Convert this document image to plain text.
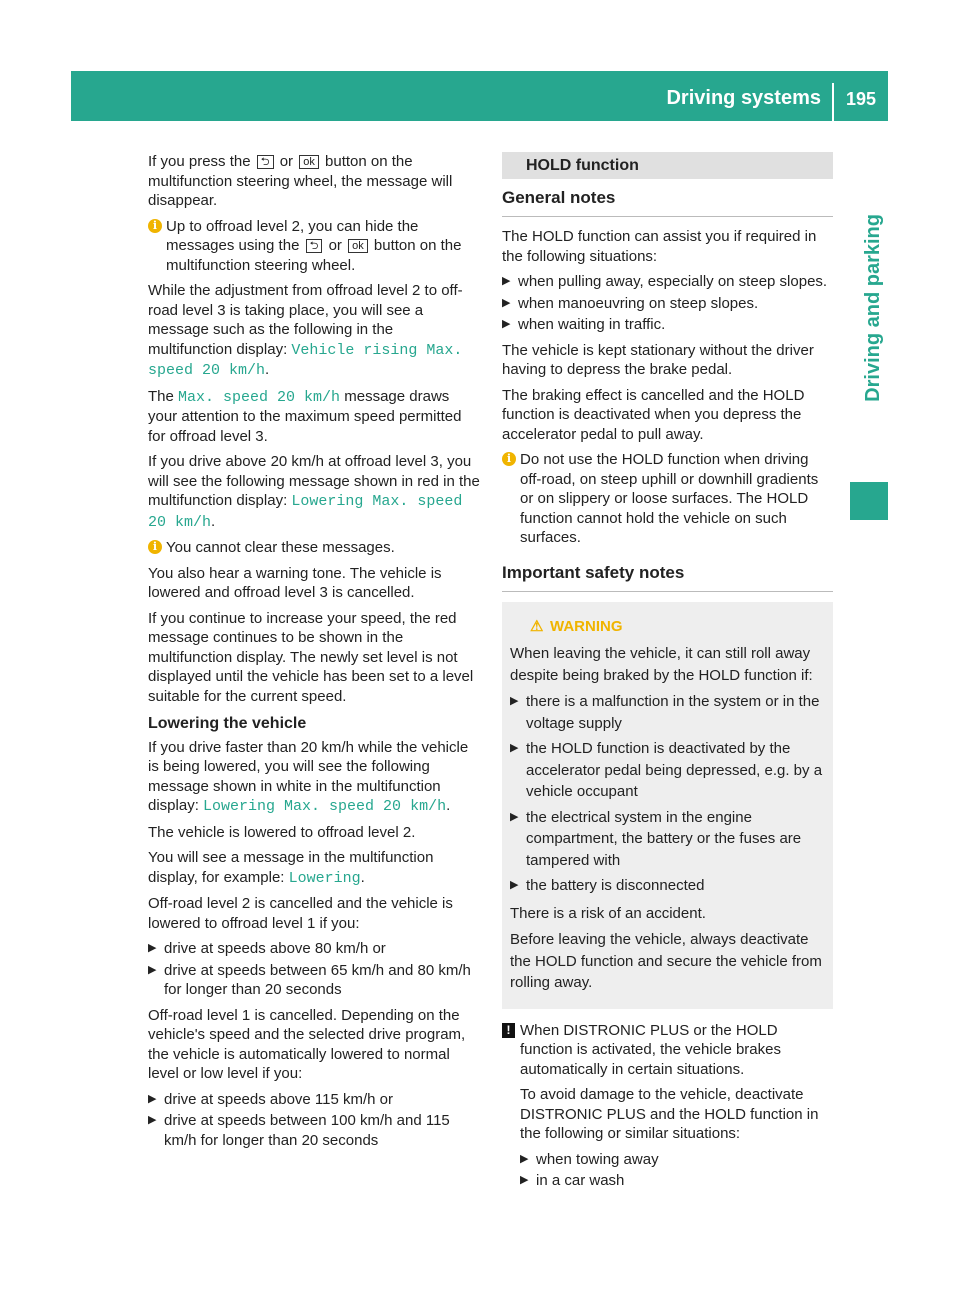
Driving systems 195
Driving and parking

If you press the ⮌ or ok button on the multifunction steering wheel, the message will disappear.

i Up to offroad level 2, you can hide the messages using the ⮌ or ok button on the multifunction steering wheel.

While the adjustment from offroad level 2 to off-road level 3 is taking place, you will see a message such as the following in the multifunction display: Vehicle rising Max. speed 20 km/h.

The Max. speed 20 km/h message draws your attention to the maximum speed permitted for offroad level 3.

If you drive above 20 km/h at offroad level 3, you will see the following message shown in red in the multifunction display: Lowering Max. speed 20 km/h.

i You cannot clear these messages.

You also hear a warning tone. The vehicle is lowered and offroad level 3 is cancelled.

If you continue to increase your speed, the red message continues to be shown in the multifunction display. The newly set level is not displayed until the vehicle has been set to a level suitable for the current speed.

Lowering the vehicle

If you drive faster than 20 km/h while the vehicle is being lowered, you will see the following message shown in white in the multifunction display: Lowering Max. speed 20 km/h.

The vehicle is lowered to offroad level 2.

You will see a message in the multifunction display, for example: Lowering.

Off-road level 2 is cancelled and the vehicle is lowered to offroad level 1 if you:

▶ drive at speeds above 80 km/h or
▶ drive at speeds between 65 km/h and 80 km/h for longer than 20 seconds

Off-road level 1 is cancelled. Depending on the vehicle's speed and the selected drive program, the vehicle is automatically lowered to normal level or low level if you:

▶ drive at speeds above 115 km/h or
▶ drive at speeds between 100 km/h and 115 km/h for longer than 20 seconds
HOLD function
General notes

The HOLD function can assist you if required in the following situations:

▶ when pulling away, especially on steep slopes.
▶ when manoeuvring on steep slopes.
▶ when waiting in traffic.

The vehicle is kept stationary without the driver having to depress the brake pedal.

The braking effect is cancelled and the HOLD function is deactivated when you depress the accelerator pedal to pull away.

i Do not use the HOLD function when driving off-road, on steep uphill or downhill gradients or on slippery or loose surfaces. The HOLD function cannot hold the vehicle on such surfaces.
Important safety notes
⚠ WARNING

When leaving the vehicle, it can still roll away despite being braked by the HOLD function if:

▶ there is a malfunction in the system or in the voltage supply
▶ the HOLD function is deactivated by the accelerator pedal being depressed, e.g. by a vehicle occupant
▶ the electrical system in the engine compartment, the battery or the fuses are tampered with
▶ the battery is disconnected

There is a risk of an accident.

Before leaving the vehicle, always deactivate the HOLD function and secure the vehicle from rolling away.

! When DISTRONIC PLUS or the HOLD function is activated, the vehicle brakes automatically in certain situations.

To avoid damage to the vehicle, deactivate DISTRONIC PLUS and the HOLD function in the following or similar situations:

▶ when towing away
▶ in a car wash
